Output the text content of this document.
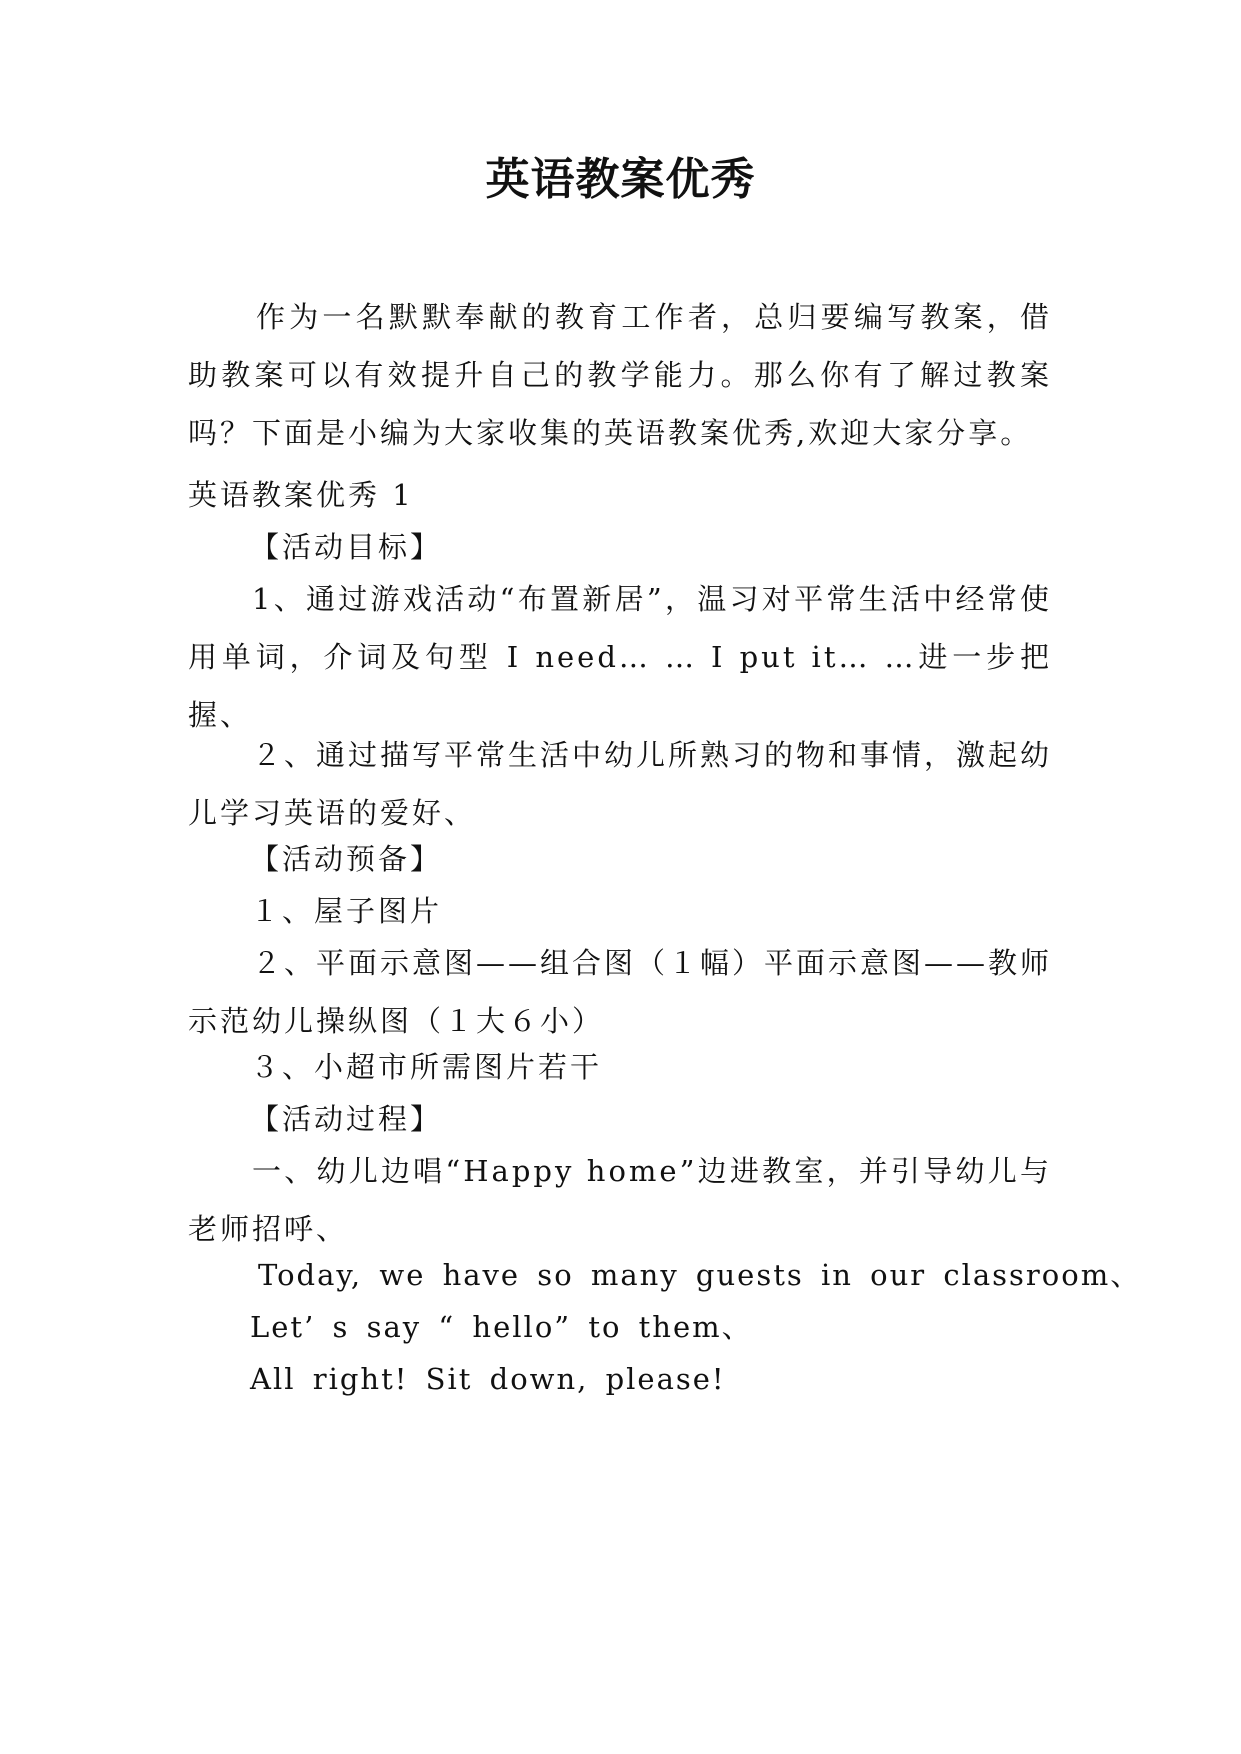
英语教案优秀
作为一名默默奉献的教育工作者，总归要编写教案，借助教案可以有效提升自己的教学能力。那么你有了解过教案吗？下面是小编为大家收集的英语教案优秀,欢迎大家分享。
英语教案优秀 1
【活动目标】
1、通过游戏活动“布置新居”，温习对平常生活中经常使用单词，介词及句型 I need… … I put it… …进一步把握、
２、通过描写平常生活中幼儿所熟习的物和事情，激起幼儿学习英语的爱好、
【活动预备】
１、屋子图片
２、平面示意图——组合图（１幅）平面示意图——教师示范幼儿操纵图（１大６小）
３、小超市所需图片若干
【活动过程】
一、幼儿边唱“Happy home”边进教室，并引导幼儿与老师招呼、
Today, we have so many guests in our classroom、
Let’ s say “ hello” to them、
All right! Sit down, please!
